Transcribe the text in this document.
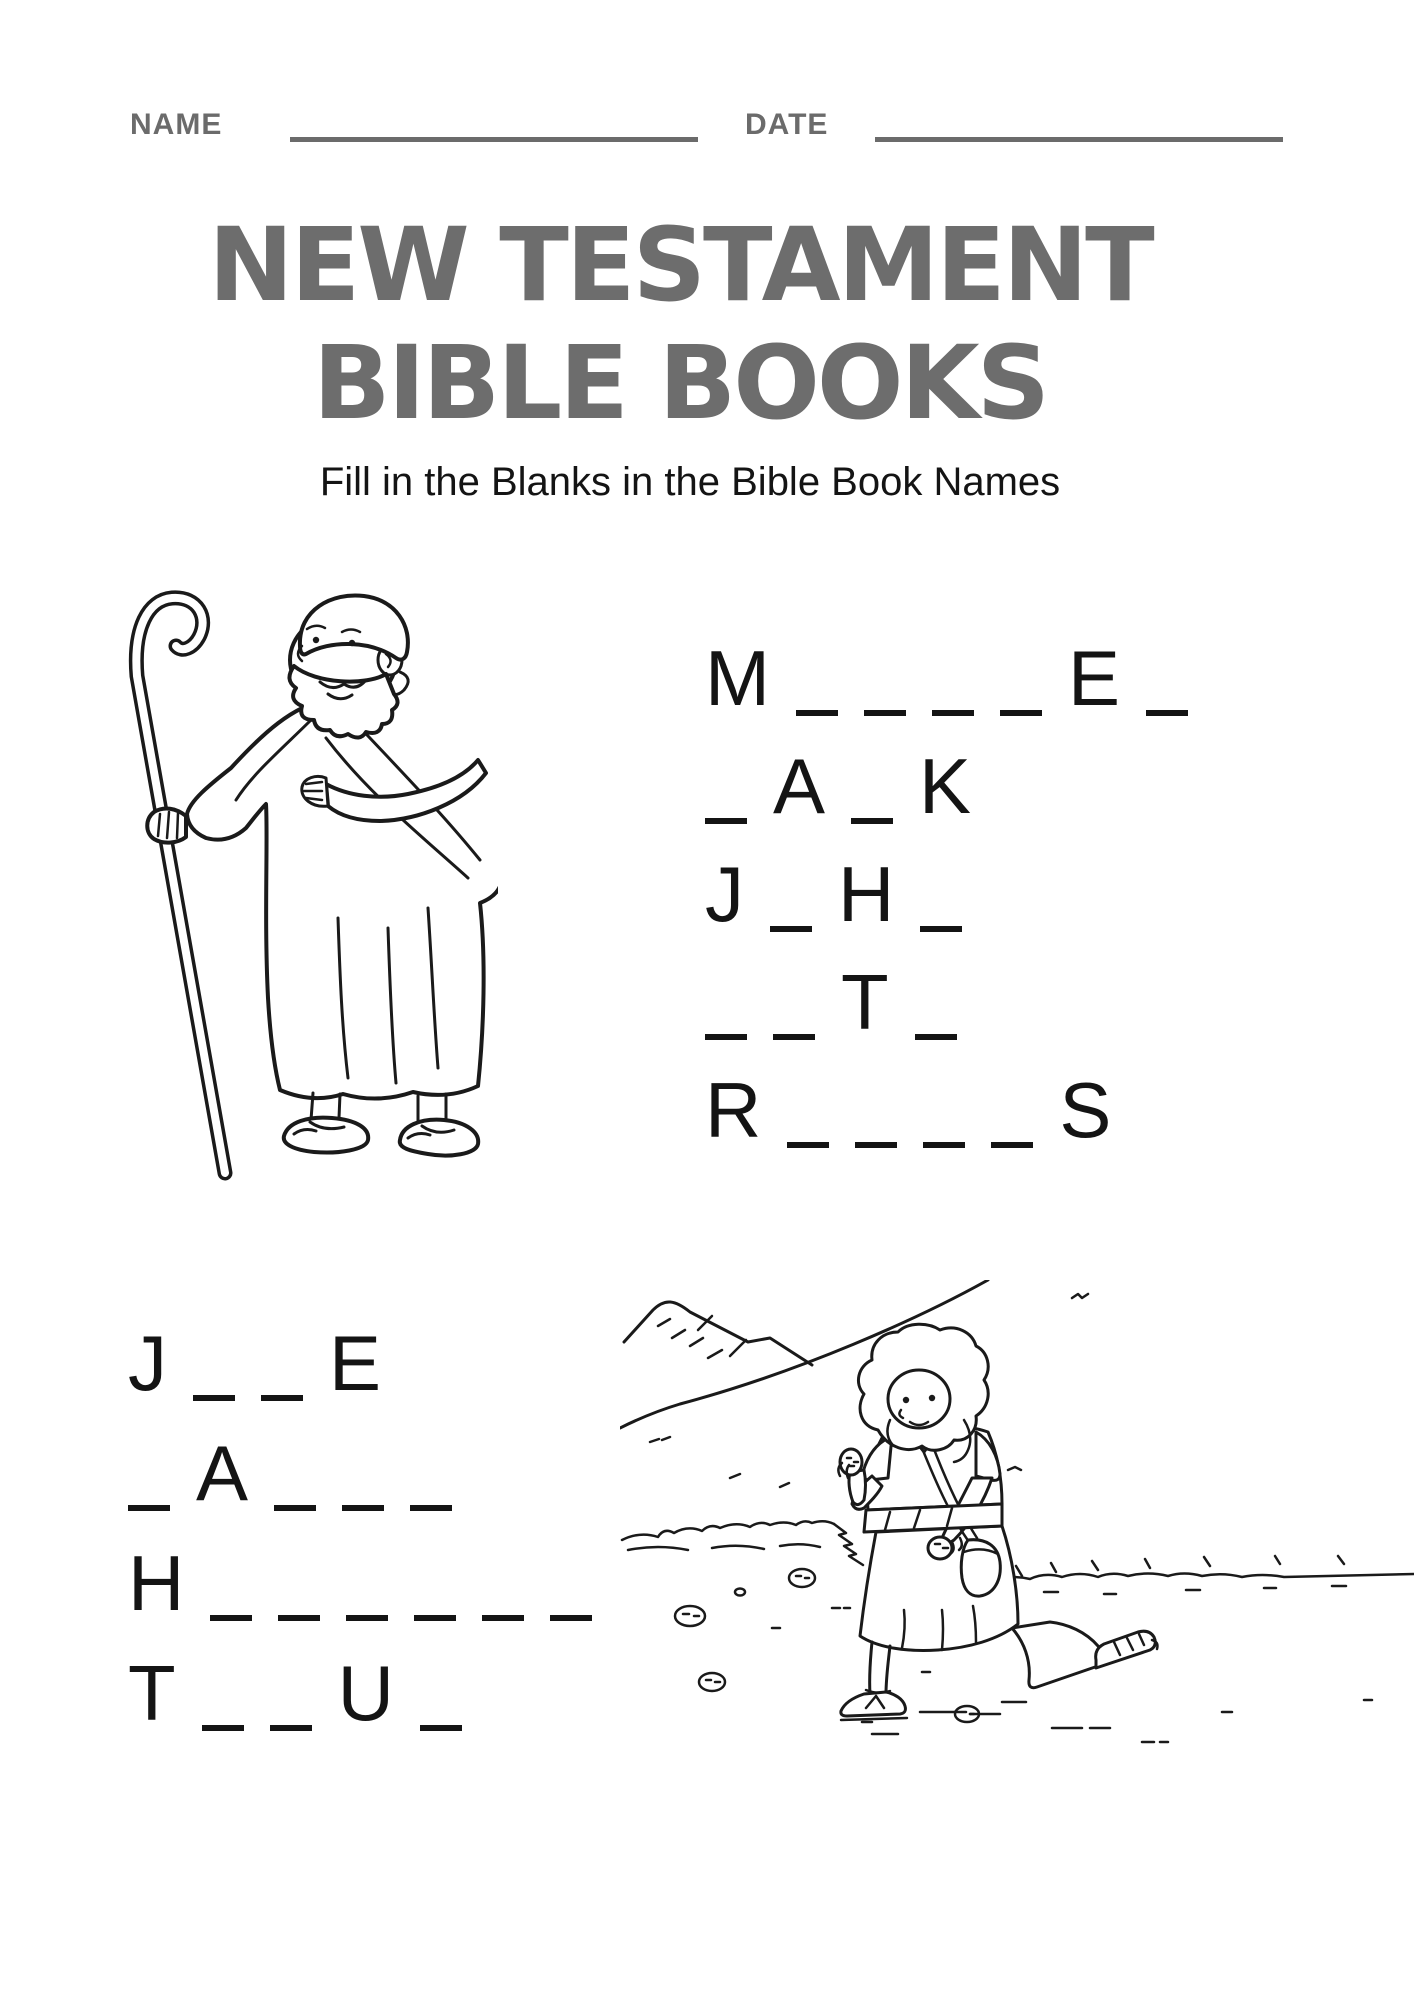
NAME	DATE
NEW TESTAMENT
BIBLE BOOKS
Fill in the Blanks in the Bible Book Names
M	E
A K
J H
T
R	S
J E
A
H
T U
